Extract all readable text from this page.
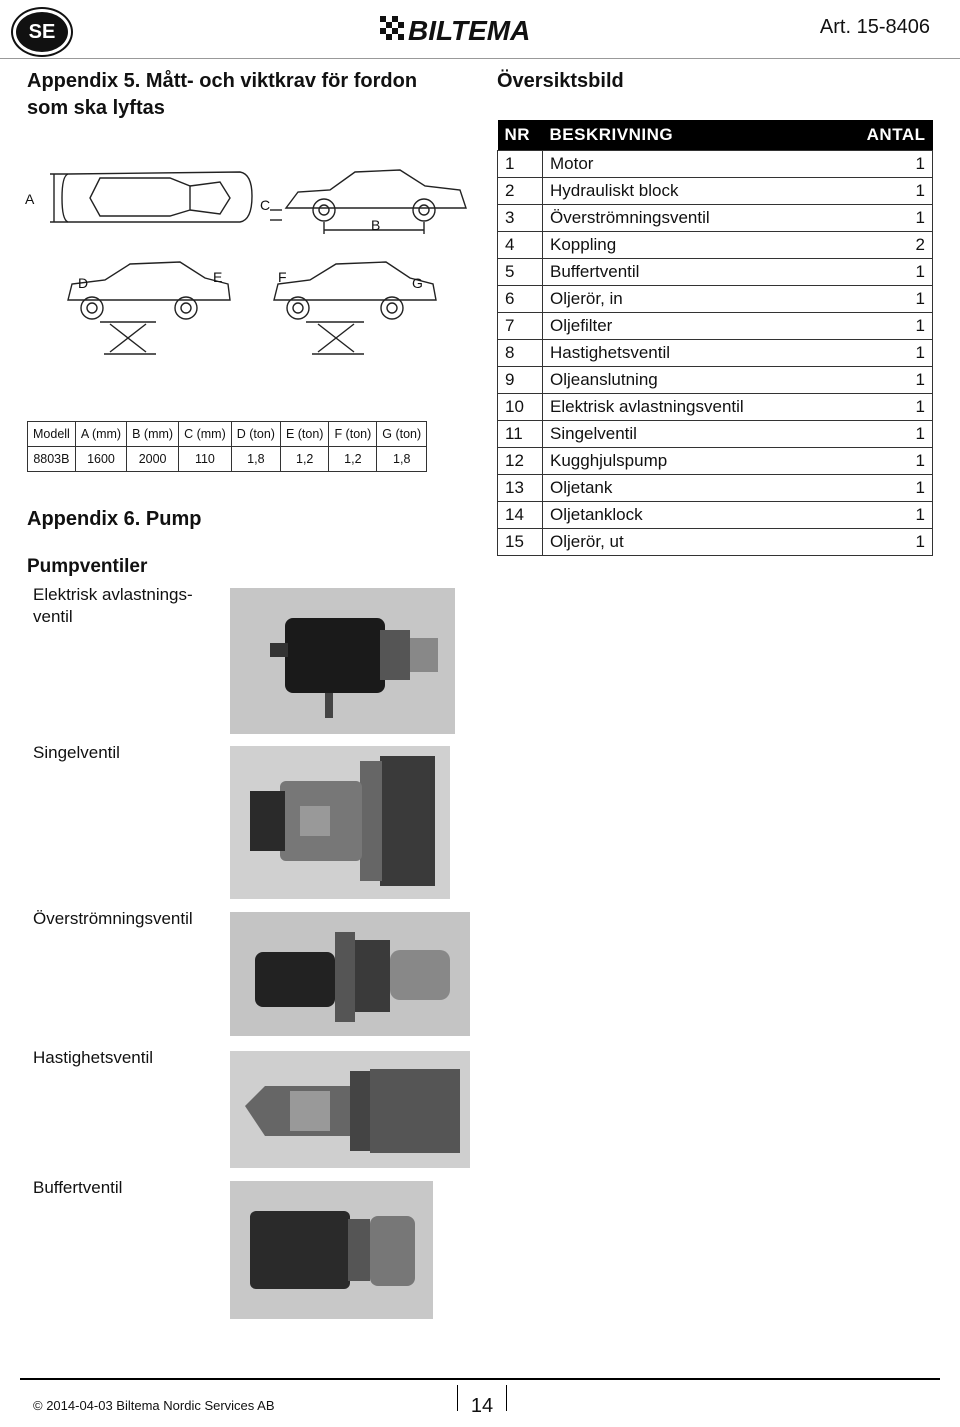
SE	BILTEMA	Art. 15-8406
Appendix 5. Mått- och viktkrav för fordon
som ska lyftas
A
B
C
D	E	F	G
Modell	A (mm)	B (mm)	C (mm)	D (ton)	E (ton)	F (ton)	G (ton)
8803B	1600	2000	110	1,8	1,2	1,2	1,8
Appendix 6. Pump
Pumpventiler
Elektrisk avlastnings-
ventil
Singelventil
Överströmningsventil
Hastighetsventil
Buffertventil
Översiktsbild
NR	BESKRIVNING	ANTAL
1	Motor	1
2	Hydrauliskt block	1
3	Överströmningsventil	1
4	Koppling	2
5	Buffertventil	1
6	Oljerör, in	1
7	Oljefilter	1
8	Hastighetsventil	1
9	Oljeanslutning	1
10	Elektrisk avlastningsventil	1
11	Singelventil	1
12	Kugghjulspump	1
13	Oljetank	1
14	Oljetanklock	1
15	Oljerör, ut	1
© 2014-04-03 Biltema Nordic Services AB	14
